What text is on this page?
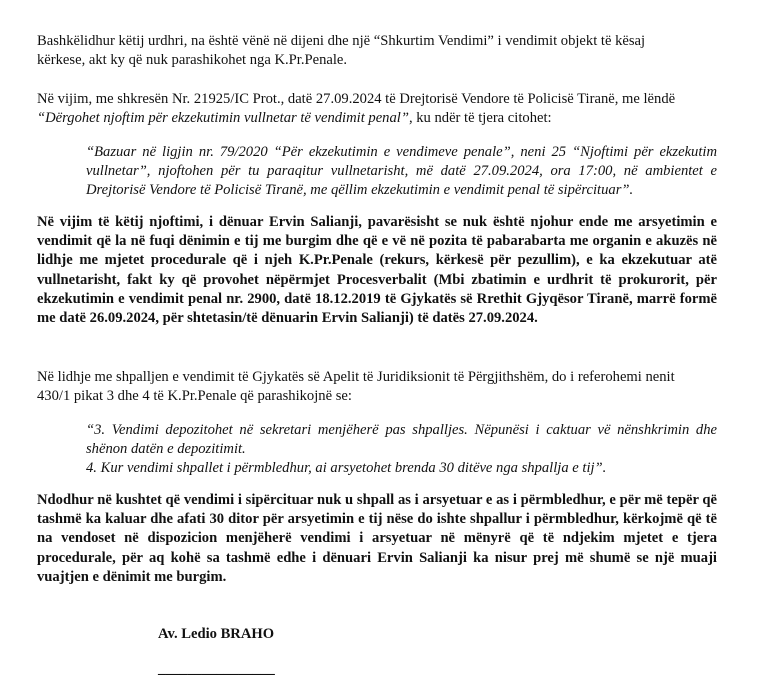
Bashkëlidhur këtij urdhri, na është vënë në dijeni dhe një “Shkurtim Vendimi” i vendimit objekt të kësaj
kërkese, akt ky që nuk parashikohet nga K.Pr.Penale.

Në vijim, me shkresën Nr. 21925/IC Prot., datë 27.09.2024 të Drejtorisë Vendore të Policisë Tiranë, me lëndë
“Dërgohet njoftim për ekzekutimin vullnetar të vendimit penal”, ku ndër të tjera citohet:

“Bazuar në ligjin nr. 79/2020 “Për ekzekutimin e vendimeve penale”, neni 25 “Njoftimi për ekzekutim vullnetar”, njoftohen për tu paraqitur vullnetarisht, më datë 27.09.2024, ora 17:00, në ambientet e Drejtorisë Vendore të Policisë Tiranë, me qëllim ekzekutimin e vendimit penal të sipërcituar”.

Në vijim të këtij njoftimi, i dënuar Ervin Salianji, pavarësisht se nuk është njohur ende me arsyetimin e vendimit që la në fuqi dënimin e tij me burgim dhe që e vë në pozita të pabarabarta me organin e akuzës në lidhje me mjetet procedurale që i njeh K.Pr.Penale (rekurs, kërkesë për pezullim), e ka ekzekutuar atë vullnetarisht, fakt ky që provohet nëpërmjet Procesverbalit (Mbi zbatimin e urdhrit të prokurorit, për ekzekutimin e vendimit penal nr. 2900, datë 18.12.2019 të Gjykatës së Rrethit Gjyqësor Tiranë, marrë formë me datë 26.09.2024, për shtetasin/të dënuarin Ervin Salianji) të datës 27.09.2024.

Në lidhje me shpalljen e vendimit të Gjykatës së Apelit të Juridiksionit të Përgjithshëm, do i referohemi nenit
430/1 pikat 3 dhe 4 të K.Pr.Penale që parashikojnë se:

“3. Vendimi depozitohet në sekretari menjëherë pas shpalljes. Nëpunësi i caktuar vë nënshkrimin dhe shënon datën e depozitimit.

4. Kur vendimi shpallet i përmbledhur, ai arsyetohet brenda 30 ditëve nga shpallja e tij”.

Ndodhur në kushtet që vendimi i sipërcituar nuk u shpall as i arsyetuar e as i përmbledhur, e për më tepër që tashmë ka kaluar dhe afati 30 ditor për arsyetimin e tij nëse do ishte shpallur i përmbledhur, kërkojmë që të na vendoset në dispozicion menjëherë vendimi i arsyetuar në mënyrë që të ndjekim mjetet e tjera procedurale, për aq kohë sa tashmë edhe i dënuari Ervin Salianji ka nisur prej më shumë se një muaji vuajtjen e dënimit me burgim.

Av. Ledio BRAHO

________________
